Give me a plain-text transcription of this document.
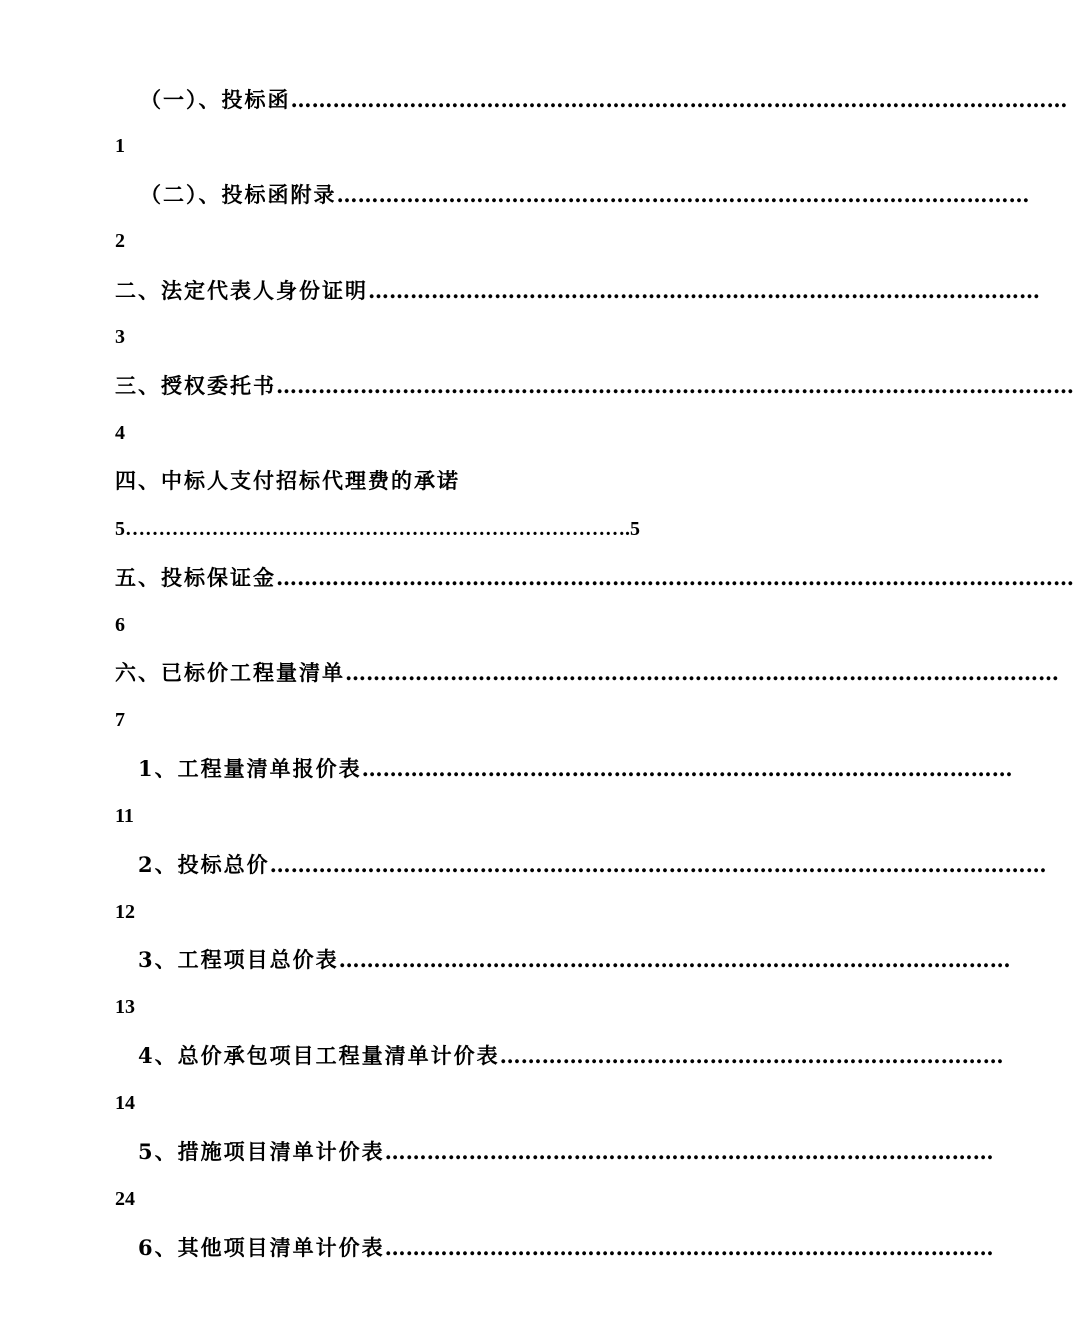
（一）、投标函…………………………………………………………………………………………………
1
（二）、投标函附录………………………………………………………………………………………
2
二、法定代表人身份证明……………………………………………………………………………………
3
三、授权委托书……………………………………………………………………………………………………
4
四、中标人支付招标代理费的承诺
5………………………………………………………………….5
五、投标保证金……………………………………………………………………………………………………
6
六、已标价工程量清单…………………………………………………………………………………………
7
1、工程量清单报价表…………………………………………………………………………………
11
2、投标总价…………………………………………………………………………………………………
12
3、工程项目总价表……………………………………………………………………………………
13
4、总价承包项目工程量清单计价表………………………………………………………………
14
5、措施项目清单计价表……………………………………………………………………………
24
6、其他项目清单计价表……………………………………………………………………………
